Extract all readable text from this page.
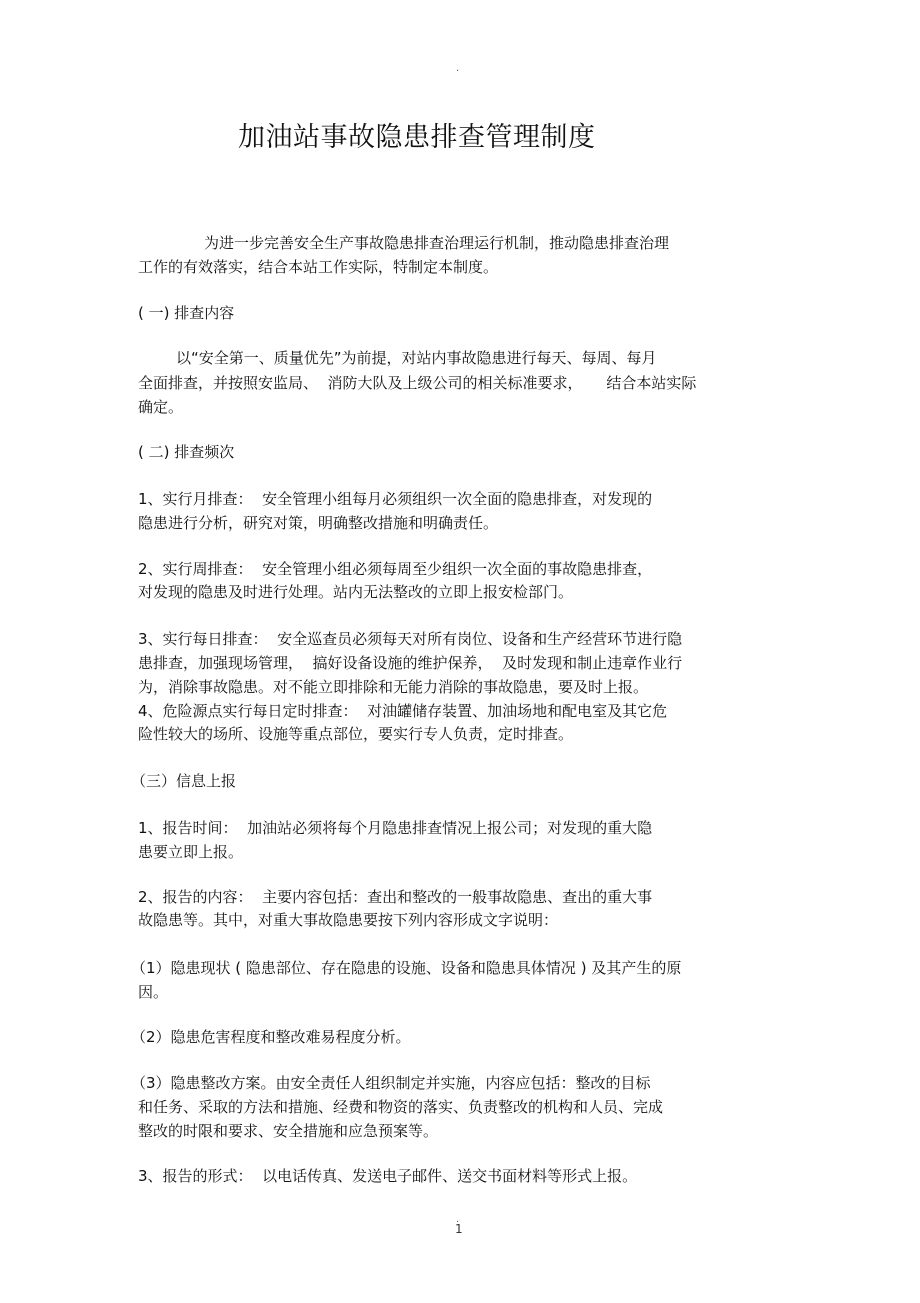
.
加油站事故隐患排查管理制度
为进一步完善安全生产事故隐患排查治理运行机制，推动隐患排查治理
工作的有效落实，结合本站工作实际，特制定本制度。
( 一) 排查内容
以“安全第一、质量优先”为前提，对站内事故隐患进行每天、每周、每月
全面排查，并按照安监局、  消防大队及上级公司的相关标准要求，     结合本站实际
确定。
( 二) 排查频次
1、实行月排查：  安全管理小组每月必须组织一次全面的隐患排查，对发现的
隐患进行分析，研究对策，明确整改措施和明确责任。
2、实行周排查：  安全管理小组必须每周至少组织一次全面的事故隐患排查，
对发现的隐患及时进行处理。站内无法整改的立即上报安检部门。
3、实行每日排查：  安全巡查员必须每天对所有岗位、设备和生产经营环节进行隐
患排查，加强现场管理，  搞好设备设施的维护保养，  及时发现和制止违章作业行
为，消除事故隐患。对不能立即排除和无能力消除的事故隐患，要及时上报。
4、危险源点实行每日定时排查：  对油罐储存装置、加油场地和配电室及其它危
险性较大的场所、设施等重点部位，要实行专人负责，定时排查。
（三）信息上报
1、报告时间：  加油站必须将每个月隐患排查情况上报公司；对发现的重大隐
患要立即上报。
2、报告的内容：  主要内容包括：查出和整改的一般事故隐患、查出的重大事
故隐患等。其中，对重大事故隐患要按下列内容形成文字说明：
（1）隐患现状 ( 隐患部位、存在隐患的设施、设备和隐患具体情况 ) 及其产生的原
因。
（2）隐患危害程度和整改难易程度分析。
（3）隐患整改方案。由安全责任人组织制定并实施，内容应包括：整改的目标
和任务、采取的方法和措施、经费和物资的落实、负责整改的机构和人员、完成
整改的时限和要求、安全措施和应急预案等。
3、报告的形式：  以电话传真、发送电子邮件、送交书面材料等形式上报。
.
1
